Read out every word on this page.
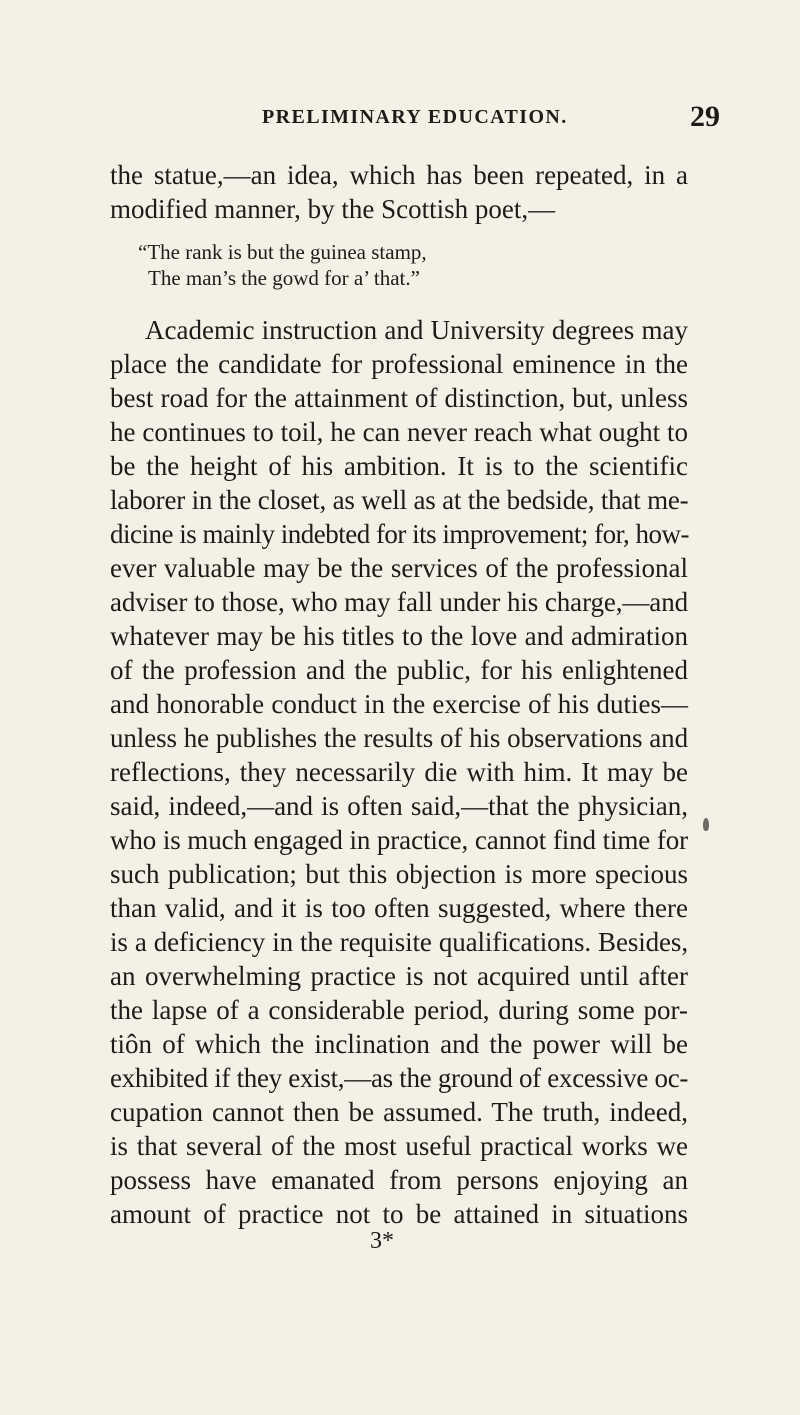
PRELIMINARY EDUCATION.	29
the statue,—an idea, which has been repeated, in a
modified manner, by the Scottish poet,—
“The rank is but the guinea stamp,
The man’s the gowd for a’ that.”
Academic instruction and University degrees may
place the candidate for professional eminence in the
best road for the attainment of distinction, but, unless
he continues to toil, he can never reach what ought to
be the height of his ambition. It is to the scientific
laborer in the closet, as well as at the bedside, that me-
dicine is mainly indebted for its improvement; for, how-
ever valuable may be the services of the professional
adviser to those, who may fall under his charge,—and
whatever may be his titles to the love and admiration
of the profession and the public, for his enlightened
and honorable conduct in the exercise of his duties—
unless he publishes the results of his observations and
reflections, they necessarily die with him. It may be
said, indeed,—and is often said,—that the physician,
who is much engaged in practice, cannot find time for
such publication; but this objection is more specious
than valid, and it is too often suggested, where there
is a deficiency in the requisite qualifications. Besides,
an overwhelming practice is not acquired until after
the lapse of a considerable period, during some por-
tiôn of which the inclination and the power will be
exhibited if they exist,—as the ground of excessive oc-
cupation cannot then be assumed. The truth, indeed,
is that several of the most useful practical works we
possess have emanated from persons enjoying an
amount of practice not to be attained in situations
3*
